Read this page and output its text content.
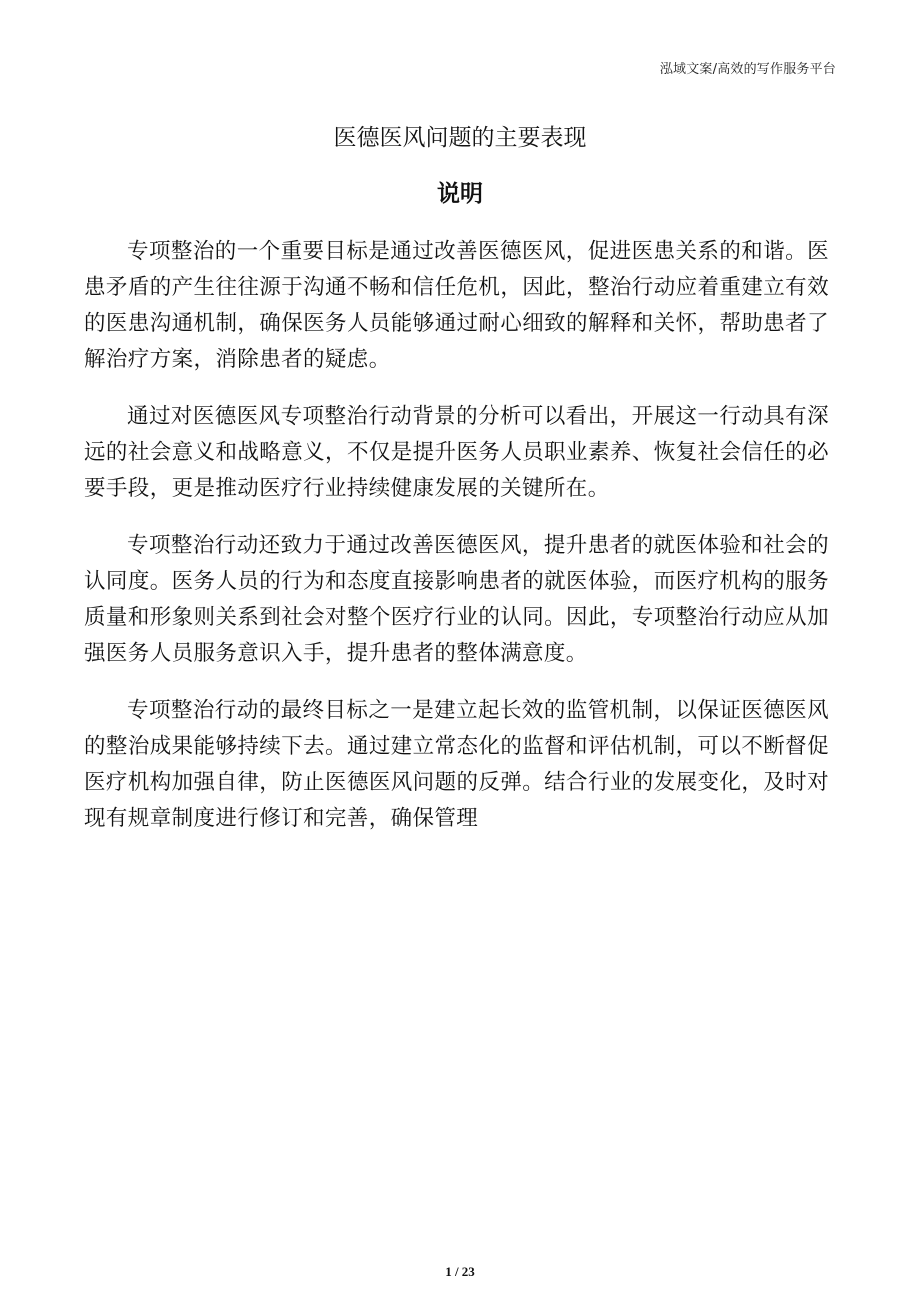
泓域文案/高效的写作服务平台
医德医风问题的主要表现
说明

专项整治的一个重要目标是通过改善医德医风，促进医患关系的和谐。医患矛盾的产生往往源于沟通不畅和信任危机，因此，整治行动应着重建立有效的医患沟通机制，确保医务人员能够通过耐心细致的解释和关怀，帮助患者了解治疗方案，消除患者的疑虑。

通过对医德医风专项整治行动背景的分析可以看出，开展这一行动具有深远的社会意义和战略意义，不仅是提升医务人员职业素养、恢复社会信任的必要手段，更是推动医疗行业持续健康发展的关键所在。

专项整治行动还致力于通过改善医德医风，提升患者的就医体验和社会的认同度。医务人员的行为和态度直接影响患者的就医体验，而医疗机构的服务质量和形象则关系到社会对整个医疗行业的认同。因此，专项整治行动应从加强医务人员服务意识入手，提升患者的整体满意度。

专项整治行动的最终目标之一是建立起长效的监管机制，以保证医德医风的整治成果能够持续下去。通过建立常态化的监督和评估机制，可以不断督促医疗机构加强自律，防止医德医风问题的反弹。结合行业的发展变化，及时对现有规章制度进行修订和完善，确保管理

1 / 23
